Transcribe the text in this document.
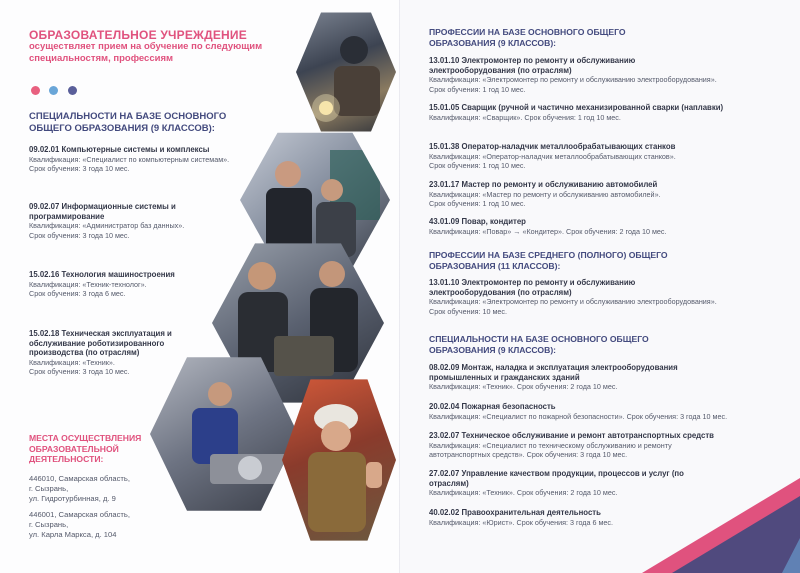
ОБРАЗОВАТЕЛЬНОЕ УЧРЕЖДЕНИЕ
осуществляет прием на обучение по следующим специальностям, профессиям

СПЕЦИАЛЬНОСТИ НА БАЗЕ ОСНОВНОГО ОБЩЕГО ОБРАЗОВАНИЯ (9 КЛАССОВ):
09.02.01 Компьютерные системы и комплексы
Квалификация: «Специалист по компьютерным системам».
Срок обучения: 3 года 10 мес.
09.02.07 Информационные системы и программирование
Квалификация: «Администратор баз данных».
Срок обучения: 3 года 10 мес.
15.02.16 Технология машиностроения
Квалификация: «Техник-технолог».
Срок обучения: 3 года 6 мес.
15.02.18 Техническая эксплуатация и обслуживание роботизированного производства (по отраслям)
Квалификация: «Техник».
Срок обучения: 3 года 10 мес.
МЕСТА ОСУЩЕСТВЛЕНИЯ ОБРАЗОВАТЕЛЬНОЙ ДЕЯТЕЛЬНОСТИ:
446010, Самарская область,
г. Сызрань,
ул. Гидротурбинная, д. 9
446001, Самарская область,
г. Сызрань,
ул. Карла Маркса, д. 104
ПРОФЕССИИ НА БАЗЕ ОСНОВНОГО ОБЩЕГО ОБРАЗОВАНИЯ (9 КЛАССОВ):
13.01.10 Электромонтер по ремонту и обслуживанию электрооборудования (по отраслям)
Квалификация: «Электромонтер по ремонту и обслуживанию электрооборудования».
Срок обучения: 1 год 10 мес.
15.01.05 Сварщик (ручной и частично механизированной сварки (наплавки)
Квалификация: «Сварщик». Срок обучения: 1 год 10 мес.
15.01.38 Оператор-наладчик металлообрабатывающих станков
Квалификация: «Оператор-наладчик металлообрабатывающих станков».
Срок обучения: 1 год 10 мес.
23.01.17 Мастер по ремонту и обслуживанию автомобилей
Квалификация: «Мастер по ремонту и обслуживанию автомобилей».
Срок обучения: 1 год 10 мес.
43.01.09 Повар, кондитер
Квалификация: «Повар» → «Кондитер». Срок обучения: 2 года 10 мес.
ПРОФЕССИИ НА БАЗЕ СРЕДНЕГО (ПОЛНОГО) ОБЩЕГО ОБРАЗОВАНИЯ (11 КЛАССОВ):
13.01.10 Электромонтер по ремонту и обслуживанию электрооборудования (по отраслям)
Квалификация: «Электромонтер по ремонту и обслуживанию электрооборудования».
Срок обучения: 10 мес.
СПЕЦИАЛЬНОСТИ НА БАЗЕ ОСНОВНОГО ОБЩЕГО ОБРАЗОВАНИЯ (9 КЛАССОВ):
08.02.09 Монтаж, наладка и эксплуатация электрооборудования промышленных и гражданских зданий
Квалификация: «Техник». Срок обучения: 2 года 10 мес.
20.02.04 Пожарная безопасность
Квалификация: «Специалист по пожарной безопасности». Срок обучения: 3 года 10 мес.
23.02.07 Техническое обслуживание и ремонт автотранспортных средств
Квалификация: «Специалист по техническому обслуживанию и ремонту автотранспортных средств». Срок обучения: 3 года 10 мес.
27.02.07 Управление качеством продукции, процессов и услуг (по отраслям)
Квалификация: «Техник». Срок обучения: 2 года 10 мес.
40.02.02 Правоохранительная деятельность
Квалификация: «Юрист». Срок обучения: 3 года 6 мес.
